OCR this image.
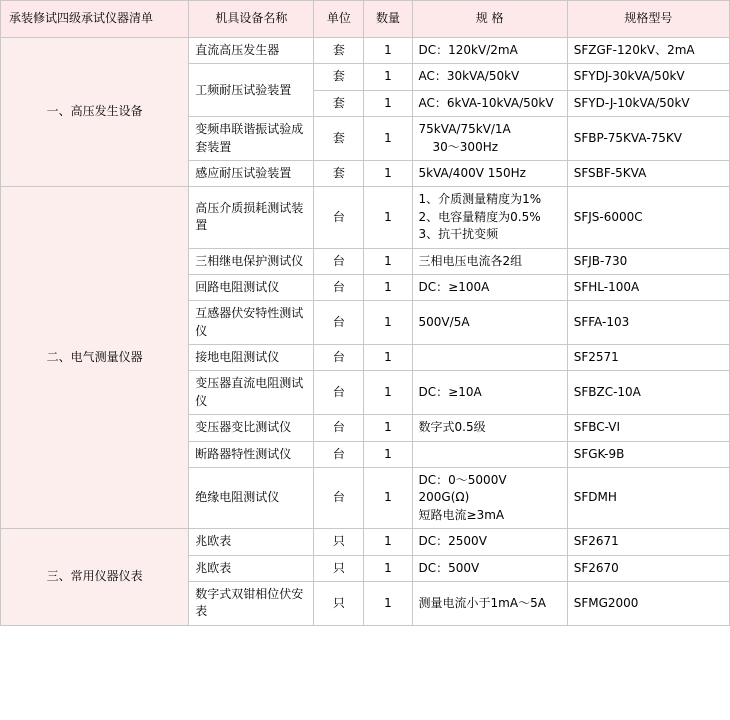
承装修试四级承试仪器清单	机具设备名称	单位	数量	规 格	规格型号
一、高压发生设备	直流高压发生器	套	1	DC：120kV/2mA	SFZGF-120kV、2mA
	工频耐压试验装置	套	1	AC：30kVA/50kV	SFYDJ-30kVA/50kV
		套	1	AC：6kVA-10kVA/50kV	SFYD-J-10kVA/50kV
	变频串联谐振试验成套装置	套	1	75kVA/75kV/1A
30～300Hz	SFBP-75KVA-75KV
	感应耐压试验装置	套	1	5kVA/400V 150Hz	SFSBF-5KVA
二、电气测量仪器	高压介质损耗测试装置	台	1	1、介质测量精度为1%
2、电容量精度为0.5%
3、抗干扰变频	SFJS-6000C
	三相继电保护测试仪	台	1	三相电压电流各2组	SFJB-730
	回路电阻测试仪	台	1	DC：≥100A	SFHL-100A
	互感器伏安特性测试仪	台	1	500V/5A	SFFA-103
	接地电阻测试仪	台	1		SF2571
	变压器直流电阻测试仪	台	1	DC：≥10A	SFBZC-10A
	变压器变比测试仪	台	1	数字式0.5级	SFBC-VI
	断路器特性测试仪	台	1		SFGK-9B
	绝缘电阻测试仪	台	1	DC：0～5000V 200G(Ω)
短路电流≥3mA	SFDMH
三、常用仪器仪表	兆欧表	只	1	DC：2500V	SF2671
	兆欧表	只	1	DC：500V	SF2670
	数字式双钳相位伏安表	只	1	测量电流小于1mA～5A	SFMG2000
